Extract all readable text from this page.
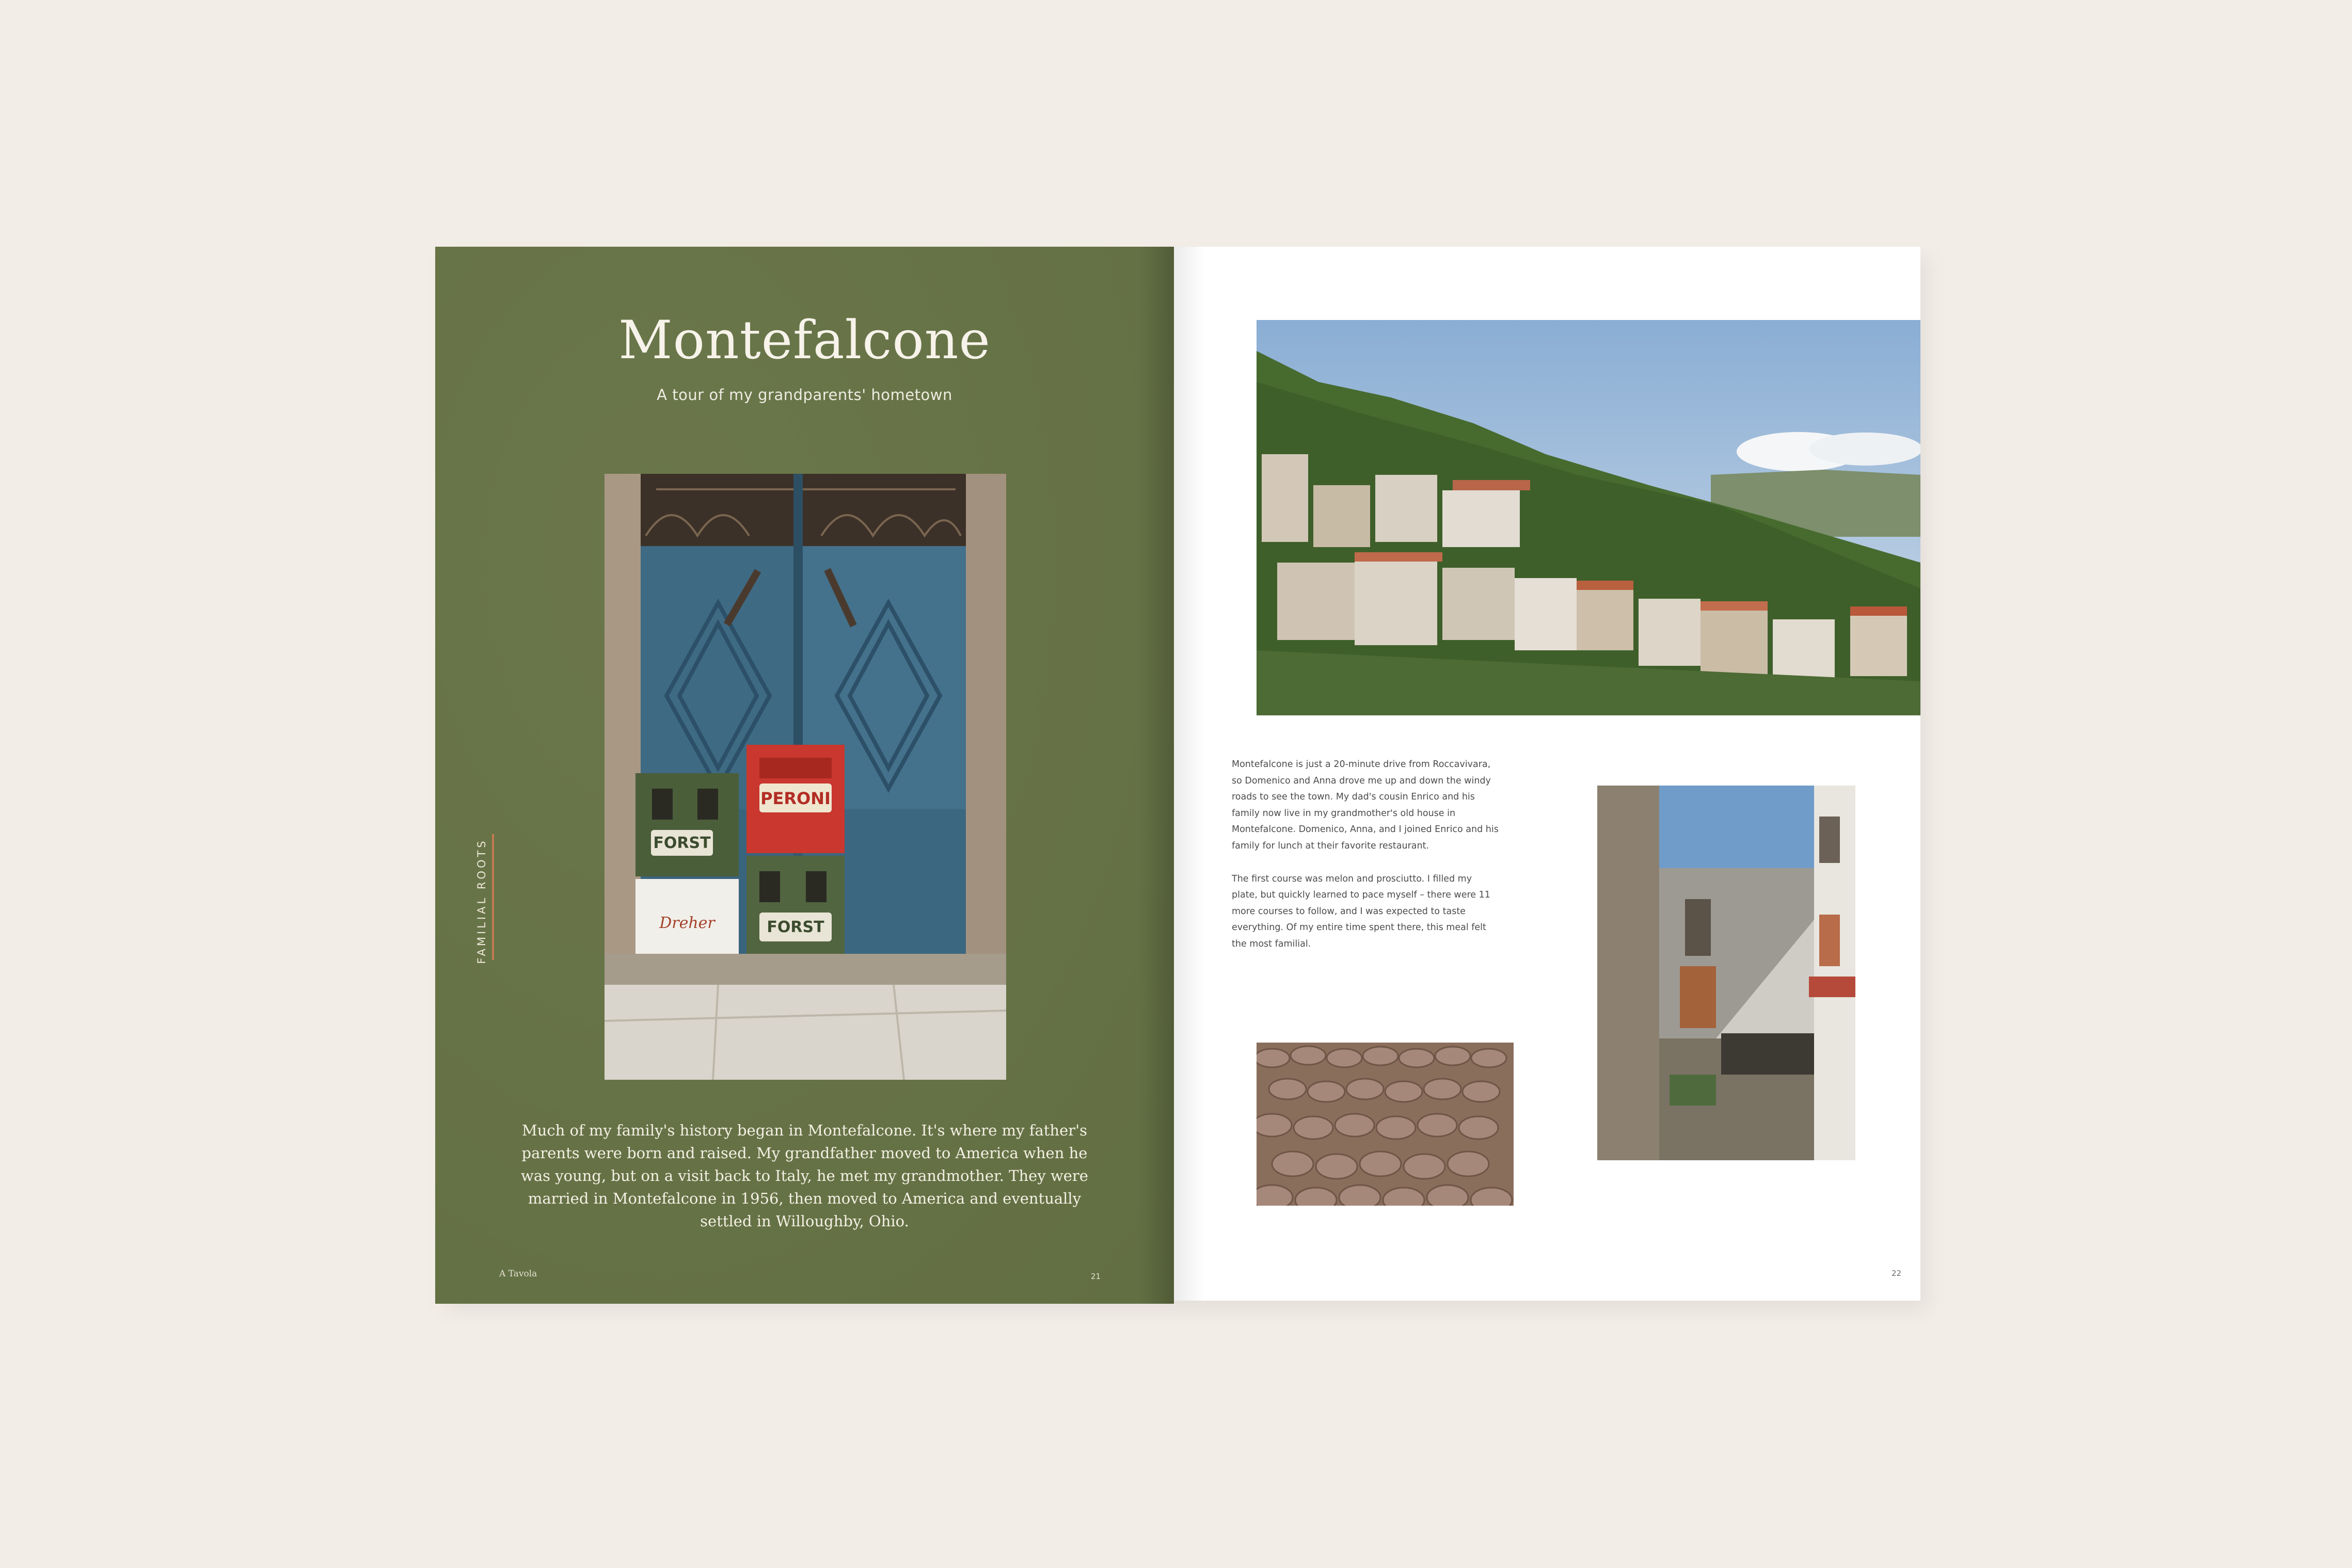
Montefalcone
A tour of my grandparents' hometown
FAMILIAL ROOTS	FORST
Dreher
PERONI
FORST
Much of my family's history began in Montefalcone. It's where my father's parents were born and raised. My grandfather moved to America when he was young, but on a visit back to Italy, he met my grandmother. They were married in Montefalcone in 1956, then moved to America and eventually settled in Willoughby, Ohio.
A Tavola	21

Montefalcone is just a 20-minute drive from Roccavivara, so Domenico and Anna drove me up and down the windy roads to see the town. My dad's cousin Enrico and his family now live in my grandmother's old house in Montefalcone. Domenico, Anna, and I joined Enrico and his family for lunch at their favorite restaurant.

The first course was melon and prosciutto. I filled my plate, but quickly learned to pace myself – there were 11 more courses to follow, and I was expected to taste everything. Of my entire time spent there, this meal felt the most familial.

22
